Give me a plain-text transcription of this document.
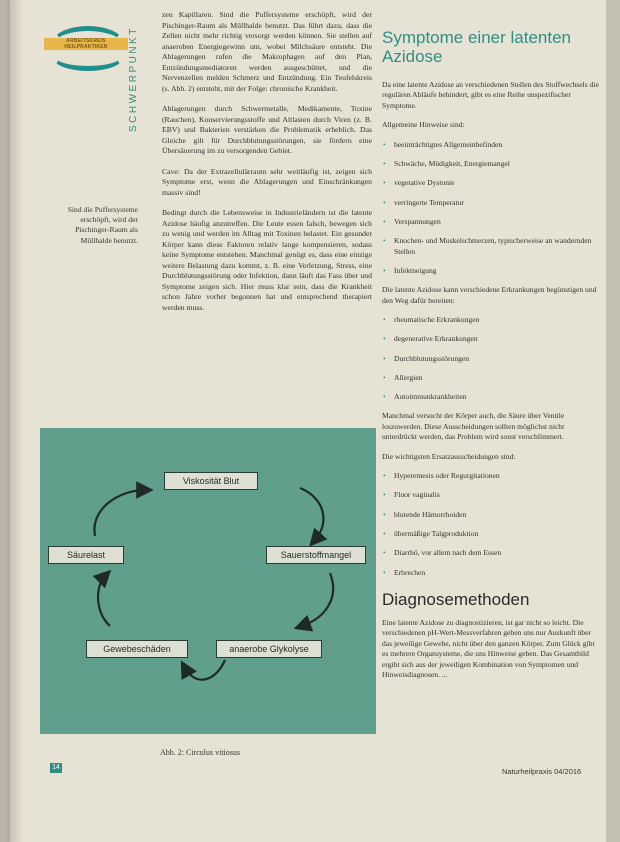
ARBEITSKREIS
HEILPRAKTIKER	SCHWERPUNKT
Sind die Puffersysteme erschöpft, wird der Pischinger-Raum als Müllhalde benutzt.

zen Kapillaren. Sind die Puffersysteme erschöpft, wird der Pischinger-Raum als Müllhalde benutzt. Das führt dazu, dass die Zellen nicht mehr richtig versorgt werden können. Sie stellen auf anaeroben Energiegewinn um, wobei Milchsäure entsteht. Die Ablagerungen rufen die Makrophagen auf den Plan, Entzündungsmediatoren werden ausgeschüttet, und die Nervenzellen melden Schmerz und Entzündung. Ein Teufelskreis (s. Abb. 2) entsteht, mit der Folge: chronische Krankheit.

Ablagerungen durch Schwermetalle, Medikamente, Toxine (Rauchen), Konservierungsstoffe und Altlasten durch Viren (z. B. EBV) und Bakterien verstärken die Problematik erheblich. Das Gleiche gilt für Durchblutungsstörungen, sie fördern eine Übersäuerung im zu versorgenden Gebiet.

Cave: Da der Extrazellulärraum sehr weitläufig ist, zeigen sich Symptome erst, wenn die Ablagerungen und Einschränkungen massiv sind!

Bedingt durch die Lebensweise in Industrieländern ist die latente Azidose häufig anzutreffen. Die Leute essen falsch, bewegen sich zu wenig und werden im Alltag mit Toxinen belastet. Ein gesunder Körper kann diese Faktoren relativ lange kompensieren, sodass keine Symptome entstehen. Manchmal genügt es, dass eine einzige weitere Belastung dazu kommt, z. B. eine Verletzung, Stress, eine Durchblutungsstörung oder Infektion, dann läuft das Fass über und Symptome zeigen sich. Hier muss klar sein, dass die Krankheit schon Jahre vorher begonnen hat und entsprechend therapiert werden muss.

Symptome einer latenten Azidose

Da eine latente Azidose an verschiedenen Stellen des Stoffwechsels die regulären Abläufe behindert, gibt es eine Reihe unspezifischer Symptome.

Allgemeine Hinweise sind:

• beeinträchtigtes Allgemeinbefinden
• Schwäche, Müdigkeit, Energiemangel
• vegetative Dystonie
• verringerte Temperatur
• Verspannungen
• Knochen- und Muskelschmerzen, typischerweise an wandernden Stellen
• Infektneigung

Die latente Azidose kann verschiedene Erkrankungen begünstigen und den Weg dafür bereiten:

• rheumatische Erkrankungen
• degenerative Erkrankungen
• Durchblutungsstörungen
• Allergien
• Autoimmunkrankheiten

Manchmal versucht der Körper auch, die Säure über Ventile loszuwerden. Diese Ausscheidungen sollten möglichst nicht unterdrückt werden, das Problem wird sonst verschlimmert.

Die wichtigsten Ersatzausscheidungen sind:

• Hyperemesis oder Regurgitationen
• Fluor vaginalis
• blutende Hämorrhoiden
• übermäßige Talgproduktion
• Diarrhö, vor allem nach dem Essen
• Erbrechen
Diagnosemethoden

Eine latente Azidose zu diagnostizieren, ist gar nicht so leicht. Die verschiedenen pH-Wert-Messverfahren geben uns nur Auskunft über das jeweilige Gewebe, nicht über den ganzen Körper. Zum Glück gibt es mehrere Organsysteme, die uns Hinweise geben. Das Gesamtbild ergibt sich aus der jeweiligen Kombination von Symptomen und Hinweisdiagnosen. ...

Viskosität Blut
Sauerstoffmangel
anaerobe Glykolyse
Gewebeschäden
Säurelast
Abb. 2: Circulus vitiosus
14	Naturheilpraxis 04/2016
